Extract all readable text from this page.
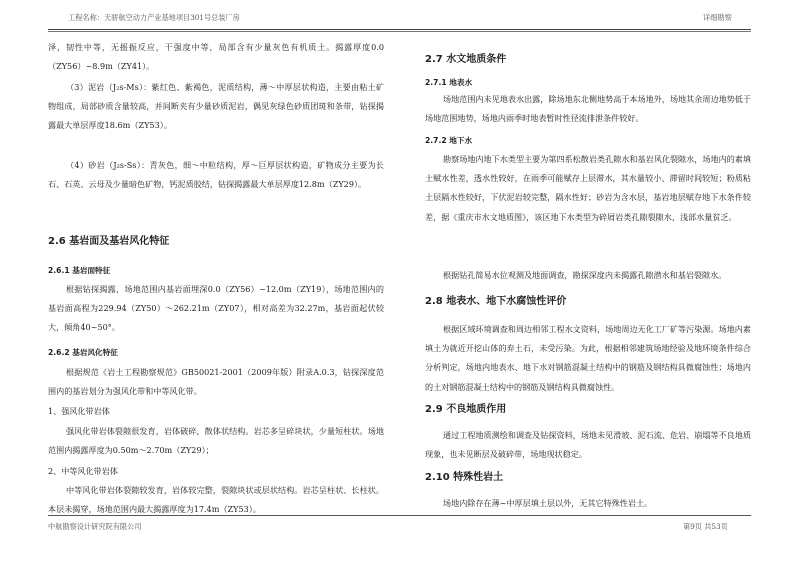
工程名称：天骄航空动力产业基地项目301号总装厂房	详细勘察

泽，韧性中等，无摇振反应，干强度中等，局部含有少量灰色有机质土。揭露厚度0.0（ZY56）~8.9m（ZY41）。

（3）泥岩（J₂s-Ms）：紫红色、紫褐色，泥质结构，薄～中厚层状构造，主要由粘土矿物组成，局部砂质含量较高，并间断夹有少量砂质泥岩，偶见灰绿色砂质团斑和条带，钻探揭露最大单层厚度18.6m（ZY53）。

（4）砂岩（J₂s-Ss）：青灰色，细～中粒结构，厚～巨厚层状构造，矿物成分主要为长石、石英、云母及少量暗色矿物，钙泥质胶结，钻探揭露最大单层厚度12.8m（ZY29）。

2.6 基岩面及基岩风化特征
2.6.1 基岩面特征

根据钻探揭露，场地范围内基岩面埋深0.0（ZY56）~12.0m（ZY19），场地范围内的基岩面高程为229.94（ZY50）～262.21m（ZY07），相对高差为32.27m，基岩面起伏较大，倾角40~50°。

2.6.2 基岩风化特征

根据规范《岩土工程勘察规范》GB50021-2001（2009年版）附录A.0.3，钻探深度范围内的基岩划分为强风化带和中等风化带。

1、强风化带岩体

强风化带岩体裂隙很发育，岩体破碎，散体状结构。岩芯多呈碎块状，少量短柱状。场地范围内揭露厚度为0.50m～2.70m（ZY29）；

2、中等风化带岩体

中等风化带岩体裂隙较发育，岩体较完整，裂隙块状或层状结构。岩芯呈柱状、长柱状。本层未揭穿，场地范围内最大揭露厚度为17.4m（ZY53）。

2.7 水文地质条件
2.7.1 地表水

场地范围内未见地表水出露，除场地东北侧地势高于本场地外，场地其余周边地势低于场地范围地势，场地内雨季时地表暂时性径流排泄条件较好。

2.7.2 地下水

勘察场地内地下水类型主要为第四系松散岩类孔隙水和基岩风化裂隙水，场地内的素填土赋水性差，透水性较好，在雨季可能赋存上层滞水，其水量较小、滞留时间较短；粉质粘土层隔水性较好，下伏泥岩较完整，隔水性好；砂岩为含水层，基岩地层赋存地下水条件较差，据《重庆市水文地质图》，该区地下水类型为碎屑岩类孔隙裂隙水，浅部水量贫乏。

根据钻孔简易水位观测及地面调查，勘探深度内未揭露孔隙潜水和基岩裂隙水。

2.8 地表水、地下水腐蚀性评价

根据区域环境调查和周边相邻工程水文资料，场地周边无化工厂矿等污染源。场地内素填土为就近开挖山体的弃土石，未受污染。为此，根据相邻建筑场地经验及地环境条件综合分析判定，场地内地表水、地下水对钢筋混凝土结构中的钢筋及钢结构具微腐蚀性；场地内的土对钢筋混凝土结构中的钢筋及钢结构具微腐蚀性。

2.9 不良地质作用

通过工程地质测绘和调查及钻探资料，场地未见滑坡、泥石流、危岩、崩塌等不良地质现象，也未见断层及破碎带，场地现状稳定。

2.10 特殊性岩土

场地内除存在薄~中厚层填土层以外，无其它特殊性岩土。

中航勘察设计研究院有限公司	第9页 共53页
